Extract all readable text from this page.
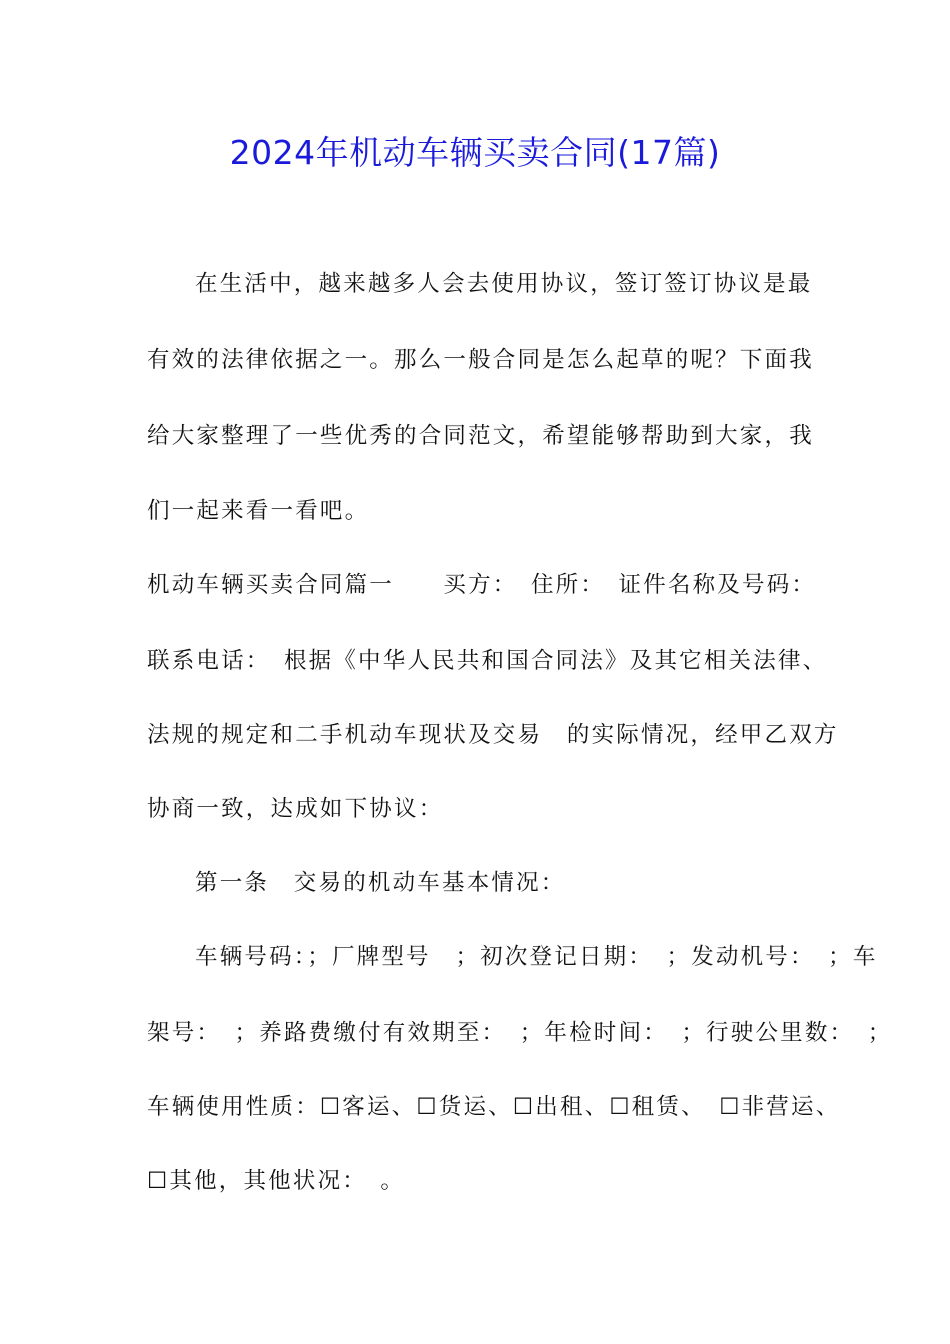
2024年机动车辆买卖合同(17篇)
在生活中，越来越多人会去使用协议，签订签订协议是最
有效的法律依据之一。那么一般合同是怎么起草的呢？下面我
给大家整理了一些优秀的合同范文，希望能够帮助到大家，我
们一起来看一看吧。
机动车辆买卖合同篇一　　买方：　住所：　证件名称及号码：
联系电话：　根据《中华人民共和国合同法》及其它相关法律、
法规的规定和二手机动车现状及交易　的实际情况，经甲乙双方
协商一致，达成如下协议：
第一条　交易的机动车基本情况：
车辆号码：；厂牌型号　；初次登记日期：　；发动机号：　；车
架号：　；养路费缴付有效期至：　；年检时间：　；行驶公里数：　；
车辆使用性质：☐客运、☐货运、☐出租、☐租赁、　☐非营运、
☐其他，其他状况：　。
